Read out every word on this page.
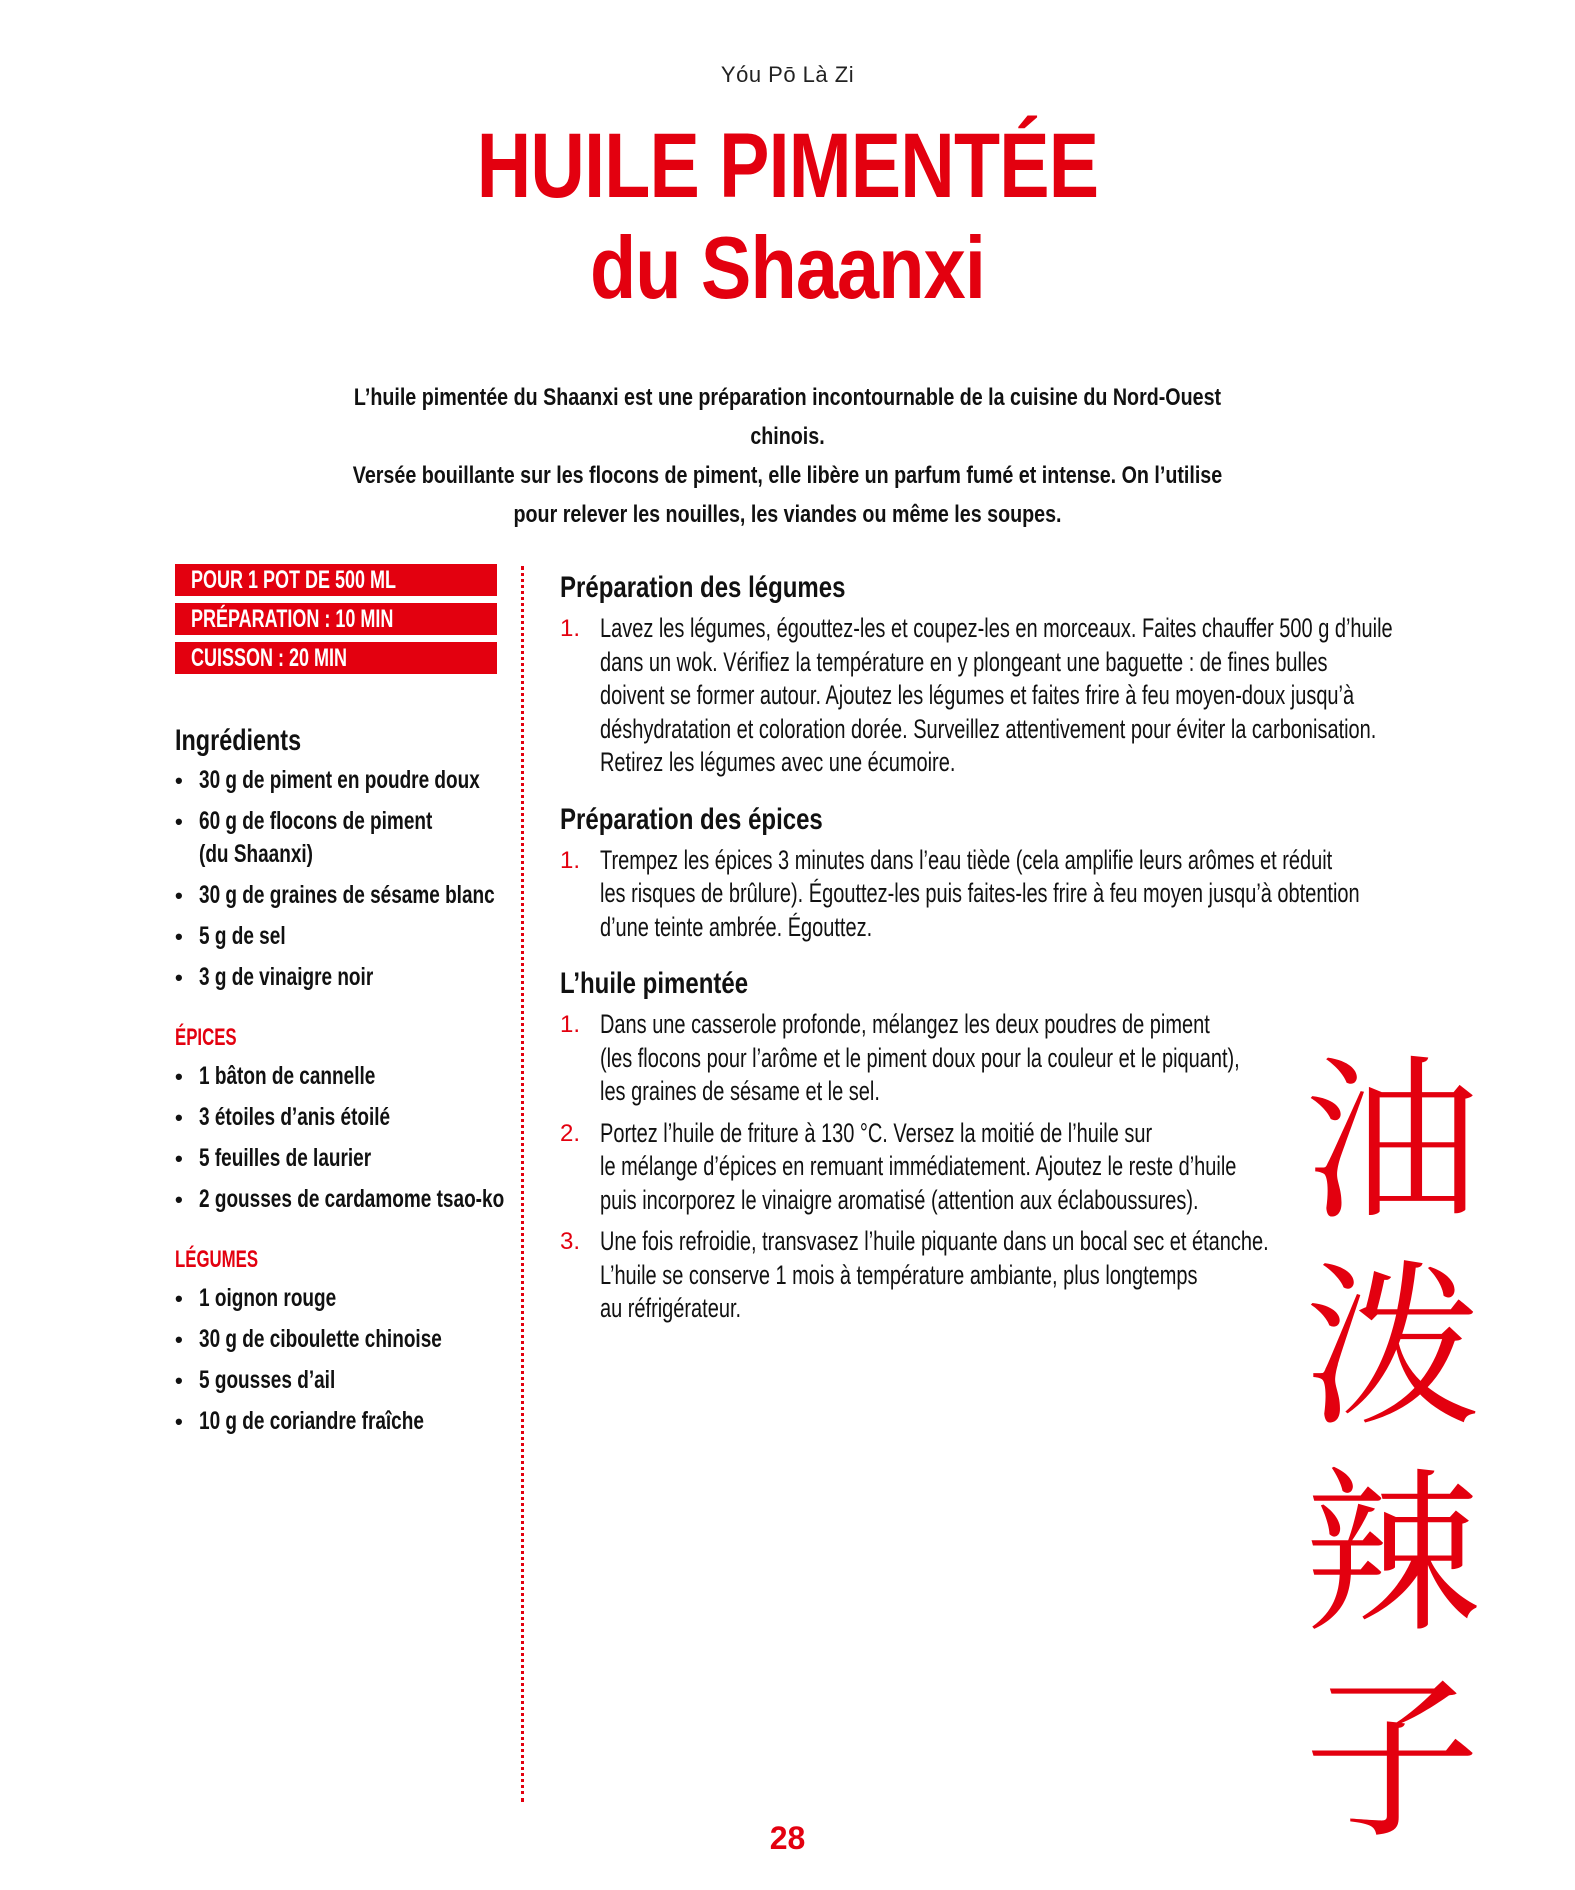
Yóu Pō Là Zi
HUILE PIMENTÉE
du Shaanxi

L’huile pimentée du Shaanxi est une préparation incontournable de la cuisine du Nord-Ouest chinois.

Versée bouillante sur les flocons de piment, elle libère un parfum fumé et intense. On l’utilise

pour relever les nouilles, les viandes ou même les soupes.

POUR 1 POT DE 500 ML
PRÉPARATION : 10 MIN
CUISSON : 20 MIN
Ingrédients
• 30 g de piment en poudre doux
• 60 g de flocons de piment
(du Shaanxi)
• 30 g de graines de sésame blanc
• 5 g de sel
• 3 g de vinaigre noir
ÉPICES
• 1 bâton de cannelle
• 3 étoiles d’anis étoilé
• 5 feuilles de laurier
• 2 gousses de cardamome tsao-ko
LÉGUMES
• 1 oignon rouge
• 30 g de ciboulette chinoise
• 5 gousses d’ail
• 10 g de coriandre fraîche
Préparation des légumes
1. Lavez les légumes, égouttez-les et coupez-les en morceaux. Faites chauffer 500 g d’huile
dans un wok. Vérifiez la température en y plongeant une baguette : de fines bulles
doivent se former autour. Ajoutez les légumes et faites frire à feu moyen-doux jusqu’à
déshydratation et coloration dorée. Surveillez attentivement pour éviter la carbonisation.
Retirez les légumes avec une écumoire.
Préparation des épices
1. Trempez les épices 3 minutes dans l’eau tiède (cela amplifie leurs arômes et réduit
les risques de brûlure). Égouttez-les puis faites-les frire à feu moyen jusqu’à obtention
d’une teinte ambrée. Égouttez.
L’huile pimentée
1. Dans une casserole profonde, mélangez les deux poudres de piment
(les flocons pour l’arôme et le piment doux pour la couleur et le piquant),
les graines de sésame et le sel.
2. Portez l’huile de friture à 130 °C. Versez la moitié de l’huile sur
le mélange d’épices en remuant immédiatement. Ajoutez le reste d’huile
puis incorporez le vinaigre aromatisé (attention aux éclaboussures).
3. Une fois refroidie, transvasez l’huile piquante dans un bocal sec et étanche.
L’huile se conserve 1 mois à température ambiante, plus longtemps
au réfrigérateur.
油
泼
辣
子
28
